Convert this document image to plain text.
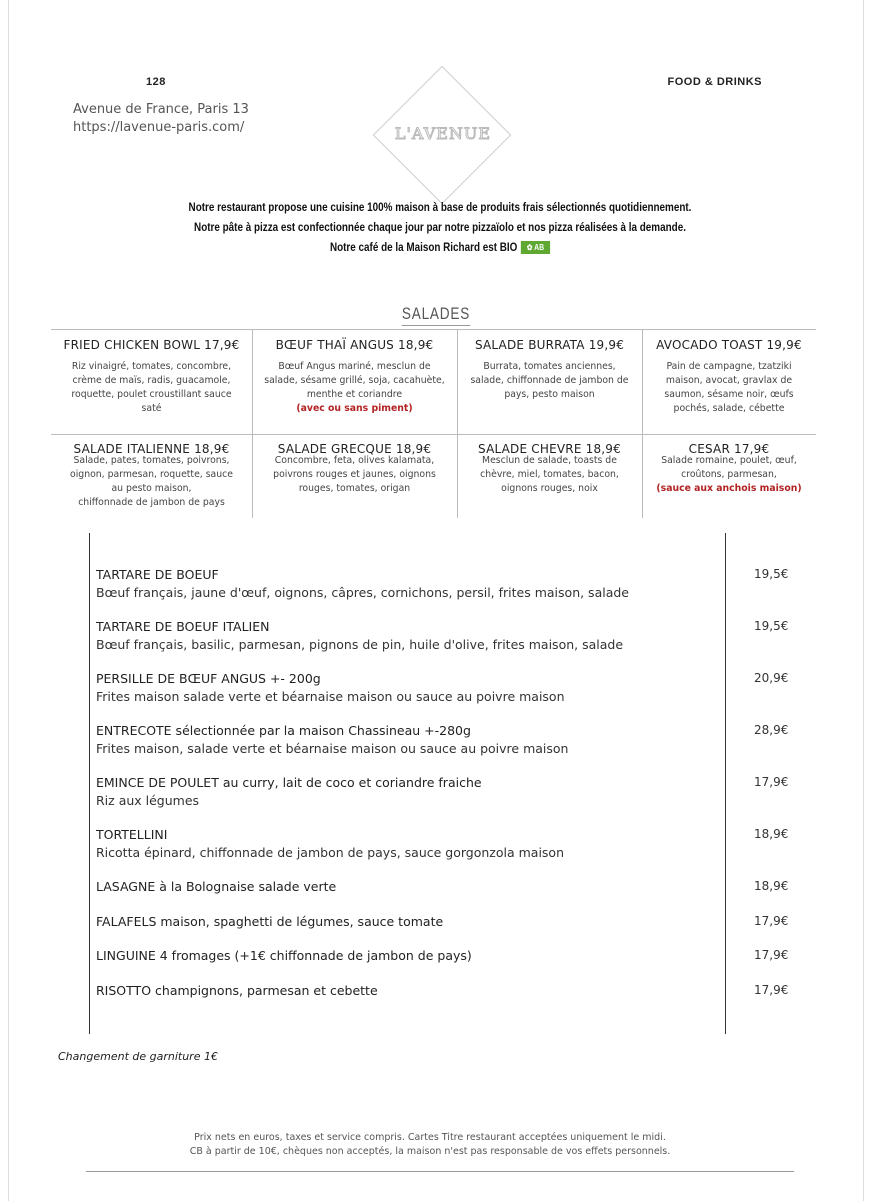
128	FOOD & DRINKS
Avenue de France, Paris 13
https://lavenue-paris.com/	L'AVENUE
Notre restaurant propose une cuisine 100% maison à base de produits frais sélectionnés quotidiennement.
Notre pâte à pizza est confectionnée chaque jour par notre pizzaïolo et nos pizza réalisées à la demande.
Notre café de la Maison Richard est BIO ✿ AB
SALADES
FRIED CHICKEN BOWL 17,9€
Riz vinaigré, tomates, concombre,
crème de maïs, radis, guacamole,
roquette, poulet croustillant sauce
saté
BŒUF THAÏ ANGUS 18,9€
Bœuf Angus mariné, mesclun de
salade, sésame grillé, soja, cacahuète,
menthe et coriandre
(avec ou sans piment)
SALADE BURRATA 19,9€
Burrata, tomates anciennes,
salade, chiffonnade de jambon de
pays, pesto maison
AVOCADO TOAST 19,9€
Pain de campagne, tzatziki
maison, avocat, gravlax de
saumon, sésame noir, œufs
pochés, salade, cébette
SALADE ITALIENNE 18,9€
Salade, pates, tomates, poivrons,
oignon, parmesan, roquette, sauce
au pesto maison,
chiffonnade de jambon de pays
SALADE GRECQUE 18,9€
Concombre, feta, olives kalamata,
poivrons rouges et jaunes, oignons
rouges, tomates, origan
SALADE CHEVRE 18,9€
Mesclun de salade, toasts de
chèvre, miel, tomates, bacon,
oignons rouges, noix
CESAR 17,9€
Salade romaine, poulet, œuf,
croûtons, parmesan,
(sauce aux anchois maison)
TARTARE DE BOEUF
Bœuf français, jaune d'œuf, oignons, câpres, cornichons, persil, frites maison, salade
19,5€
TARTARE DE BOEUF ITALIEN
Bœuf français, basilic, parmesan, pignons de pin, huile d'olive, frites maison, salade
19,5€
PERSILLE DE BŒUF ANGUS +- 200g
Frites maison salade verte et béarnaise maison ou sauce au poivre maison
20,9€
ENTRECOTE sélectionnée par la maison Chassineau +-280g
Frites maison, salade verte et béarnaise maison ou sauce au poivre maison
28,9€
EMINCE DE POULET au curry, lait de coco et coriandre fraiche
Riz aux légumes
17,9€
TORTELLINI
Ricotta épinard, chiffonnade de jambon de pays, sauce gorgonzola maison
18,9€
LASAGNE à la Bolognaise salade verte	18,9€
FALAFELS maison, spaghetti de légumes, sauce tomate	17,9€
LINGUINE 4 fromages (+1€ chiffonnade de jambon de pays)	17,9€
RISOTTO champignons, parmesan et cebette	17,9€
Changement de garniture 1€
Prix nets en euros, taxes et service compris. Cartes Titre restaurant acceptées uniquement le midi.
CB à partir de 10€, chèques non acceptés, la maison n'est pas responsable de vos effets personnels.
